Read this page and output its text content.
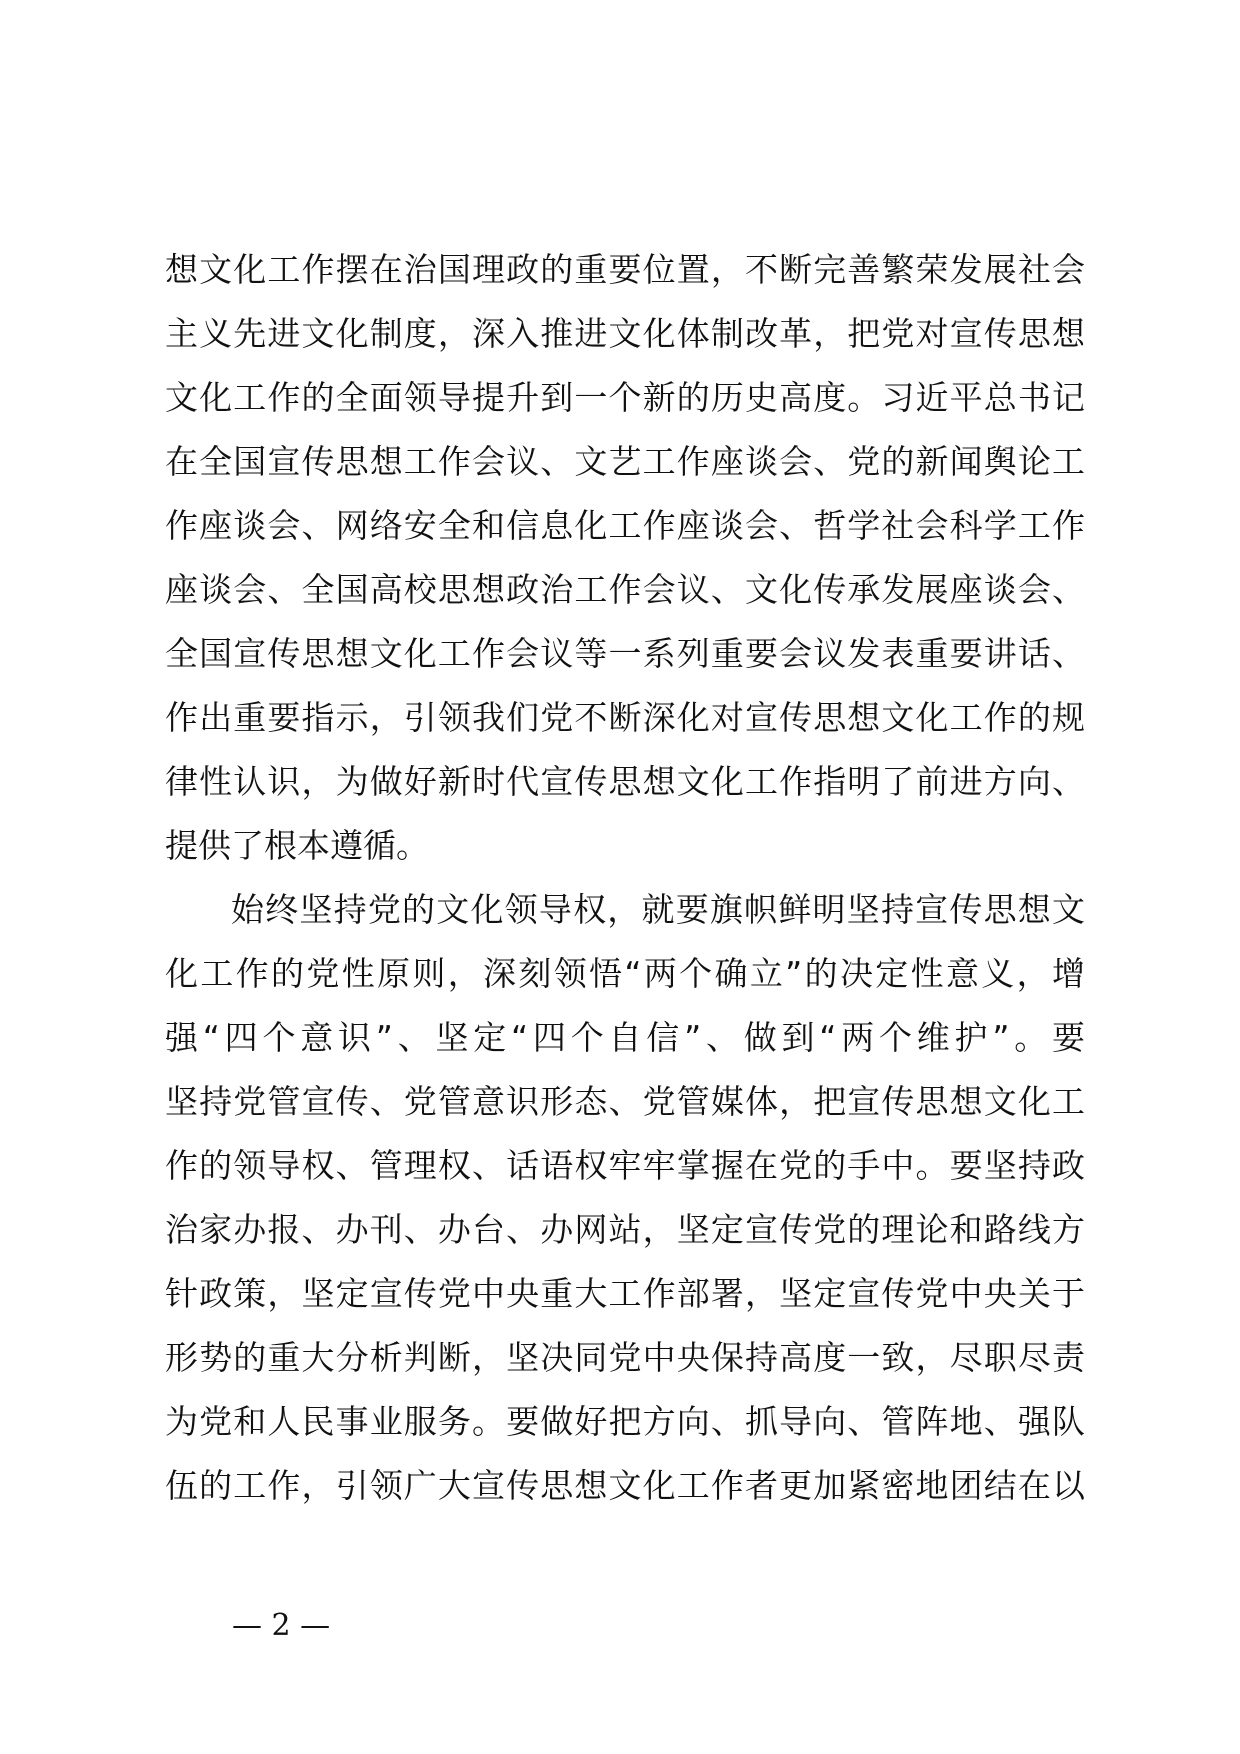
想文化工作摆在治国理政的重要位置，不断完善繁荣发展社会
主义先进文化制度，深入推进文化体制改革，把党对宣传思想
文化工作的全面领导提升到一个新的历史高度。习近平总书记
在全国宣传思想工作会议、文艺工作座谈会、党的新闻舆论工
作座谈会、网络安全和信息化工作座谈会、哲学社会科学工作
座谈会、全国高校思想政治工作会议、文化传承发展座谈会、
全国宣传思想文化工作会议等一系列重要会议发表重要讲话、
作出重要指示，引领我们党不断深化对宣传思想文化工作的规
律性认识，为做好新时代宣传思想文化工作指明了前进方向、
提供了根本遵循。
始终坚持党的文化领导权，就要旗帜鲜明坚持宣传思想文
化工作的党性原则，深刻领悟“两个确立”的决定性意义，增
强“四个意识”、坚定“四个自信”、做到“两个维护”。要
坚持党管宣传、党管意识形态、党管媒体，把宣传思想文化工
作的领导权、管理权、话语权牢牢掌握在党的手中。要坚持政
治家办报、办刊、办台、办网站，坚定宣传党的理论和路线方
针政策，坚定宣传党中央重大工作部署，坚定宣传党中央关于
形势的重大分析判断，坚决同党中央保持高度一致，尽职尽责
为党和人民事业服务。要做好把方向、抓导向、管阵地、强队
伍的工作，引领广大宣传思想文化工作者更加紧密地团结在以
— 2 —
